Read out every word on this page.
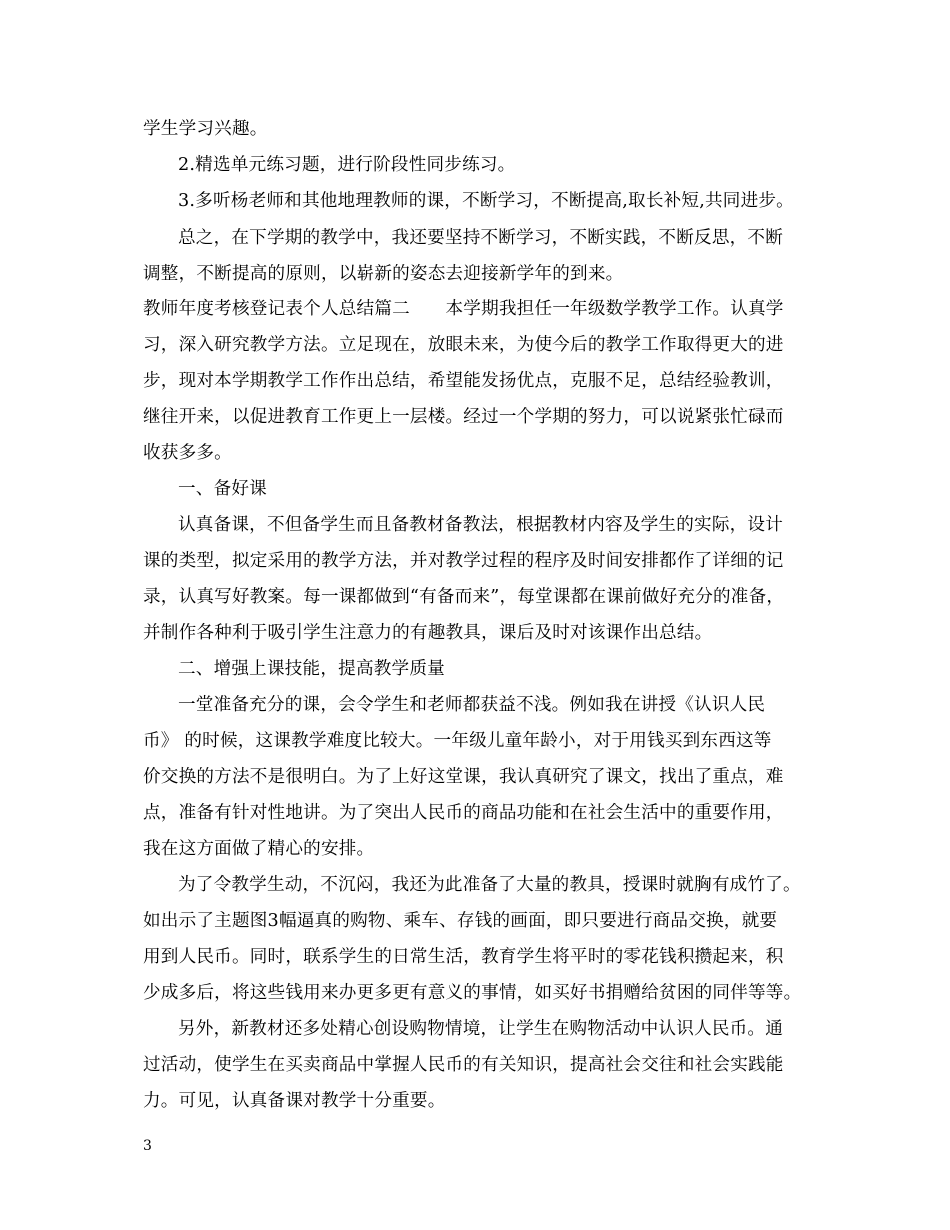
学生学习兴趣。
2.精选单元练习题，进行阶段性同步练习。
3.多听杨老师和其他地理教师的课，不断学习，不断提高,取长补短,共同进步。
总之，在下学期的教学中，我还要坚持不断学习，不断实践，不断反思，不断
调整，不断提高的原则，以崭新的姿态去迎接新学年的到来。
教师年度考核登记表个人总结篇二　　本学期我担任一年级数学教学工作。认真学
习，深入研究教学方法。立足现在，放眼未来，为使今后的教学工作取得更大的进
步，现对本学期教学工作作出总结，希望能发扬优点，克服不足，总结经验教训，
继往开来，以促进教育工作更上一层楼。经过一个学期的努力，可以说紧张忙碌而
收获多多。
一、备好课
认真备课，不但备学生而且备教材备教法，根据教材内容及学生的实际，设计
课的类型，拟定采用的教学方法，并对教学过程的程序及时间安排都作了详细的记
录，认真写好教案。每一课都做到“有备而来”，每堂课都在课前做好充分的准备，
并制作各种利于吸引学生注意力的有趣教具，课后及时对该课作出总结。
二、增强上课技能，提高教学质量
一堂准备充分的课，会令学生和老师都获益不浅。例如我在讲授《认识人民
币》 的时候，这课教学难度比较大。一年级儿童年龄小，对于用钱买到东西这等
价交换的方法不是很明白。为了上好这堂课，我认真研究了课文，找出了重点，难
点，准备有针对性地讲。为了突出人民币的商品功能和在社会生活中的重要作用，
我在这方面做了精心的安排。
为了令教学生动，不沉闷，我还为此准备了大量的教具，授课时就胸有成竹了。
如出示了主题图3幅逼真的购物、乘车、存钱的画面，即只要进行商品交换，就要
用到人民币。同时，联系学生的日常生活，教育学生将平时的零花钱积攒起来，积
少成多后，将这些钱用来办更多更有意义的事情，如买好书捐赠给贫困的同伴等等。
另外，新教材还多处精心创设购物情境，让学生在购物活动中认识人民币。通
过活动，使学生在买卖商品中掌握人民币的有关知识，提高社会交往和社会实践能
力。可见，认真备课对教学十分重要。
3
